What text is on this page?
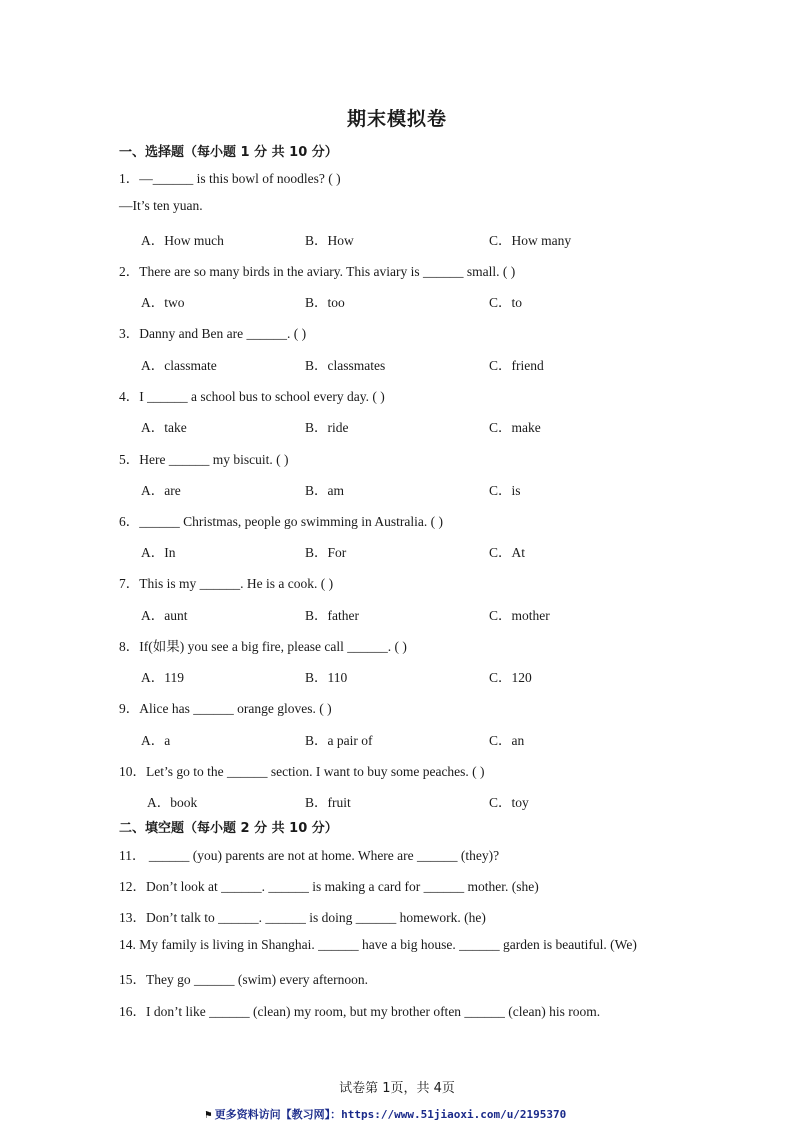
期末模拟卷
一、选择题（每小题 1 分 共 10 分）
1．—______ is this bowl of noodles? ( )
—It’s ten yuan.
A．How much	B．How	C．How many
2．There are so many birds in the aviary. This aviary is ______ small. ( )
A．two	B．too	C．to
3．Danny and Ben are ______. ( )
A．classmate	B．classmates	C．friend
4．I ______ a school bus to school every day. ( )
A．take	B．ride	C．make
5．Here ______ my biscuit. ( )
A．are	B．am	C．is
6．______ Christmas, people go swimming in Australia. ( )
A．In	B．For	C．At
7．This is my ______. He is a cook. ( )
A．aunt	B．father	C．mother
8．If(如果) you see a big fire, please call ______. ( )
A．119	B．110	C．120
9．Alice has ______ orange gloves. ( )
A．a	B．a pair of	C．an
10．Let’s go to the ______ section. I want to buy some peaches. ( )
A．book	B．fruit	C．toy
二、填空题（每小题 2 分 共 10 分）
11． ______ (you) parents are not at home. Where are ______ (they)?
12．Don’t look at ______. ______ is making a card for ______ mother. (she)
13．Don’t talk to ______. ______ is doing ______ homework. (he)
14. My family is living in Shanghai. ______ have a big house. ______ garden is beautiful. (We)
15．They go ______ (swim) every afternoon.
16．I don’t like ______ (clean) my room, but my brother often ______ (clean) his room.
试卷第 1页，共 4页
⚑ 更多资料访问【教习网】：https://www.51jiaoxi.com/u/2195370
